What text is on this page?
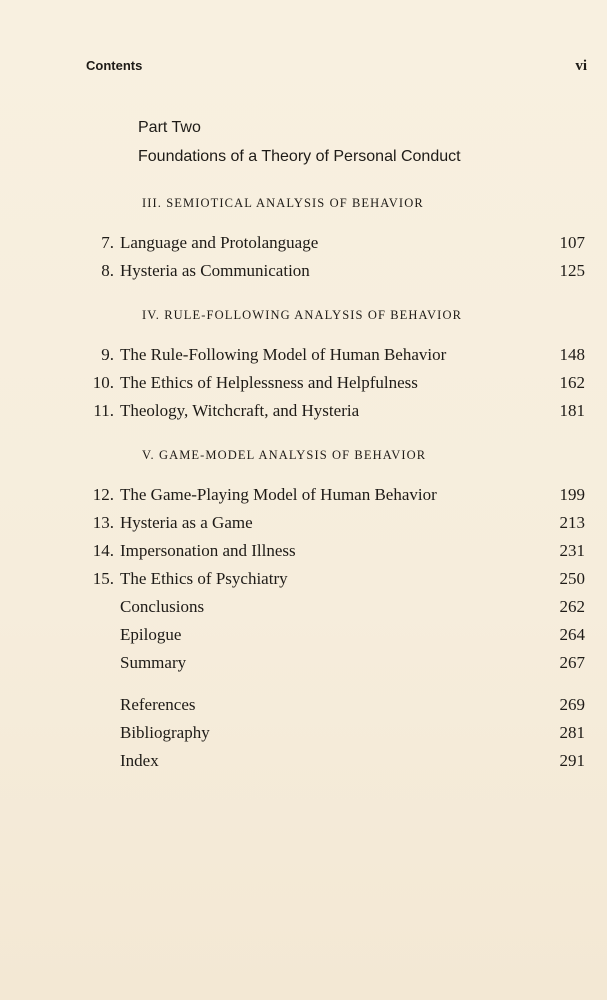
Contents	vi
Part Two
Foundations of a Theory of Personal Conduct
III. SEMIOTICAL ANALYSIS OF BEHAVIOR
7. Language and Protolanguage	107
8. Hysteria as Communication	125
IV. RULE-FOLLOWING ANALYSIS OF BEHAVIOR
9. The Rule-Following Model of Human Behavior	148
10. The Ethics of Helplessness and Helpfulness	162
11. Theology, Witchcraft, and Hysteria	181
V. GAME-MODEL ANALYSIS OF BEHAVIOR
12. The Game-Playing Model of Human Behavior	199
13. Hysteria as a Game	213
14. Impersonation and Illness	231
15. The Ethics of Psychiatry	250
Conclusions	262
Epilogue	264
Summary	267
References	269
Bibliography	281
Index	291
